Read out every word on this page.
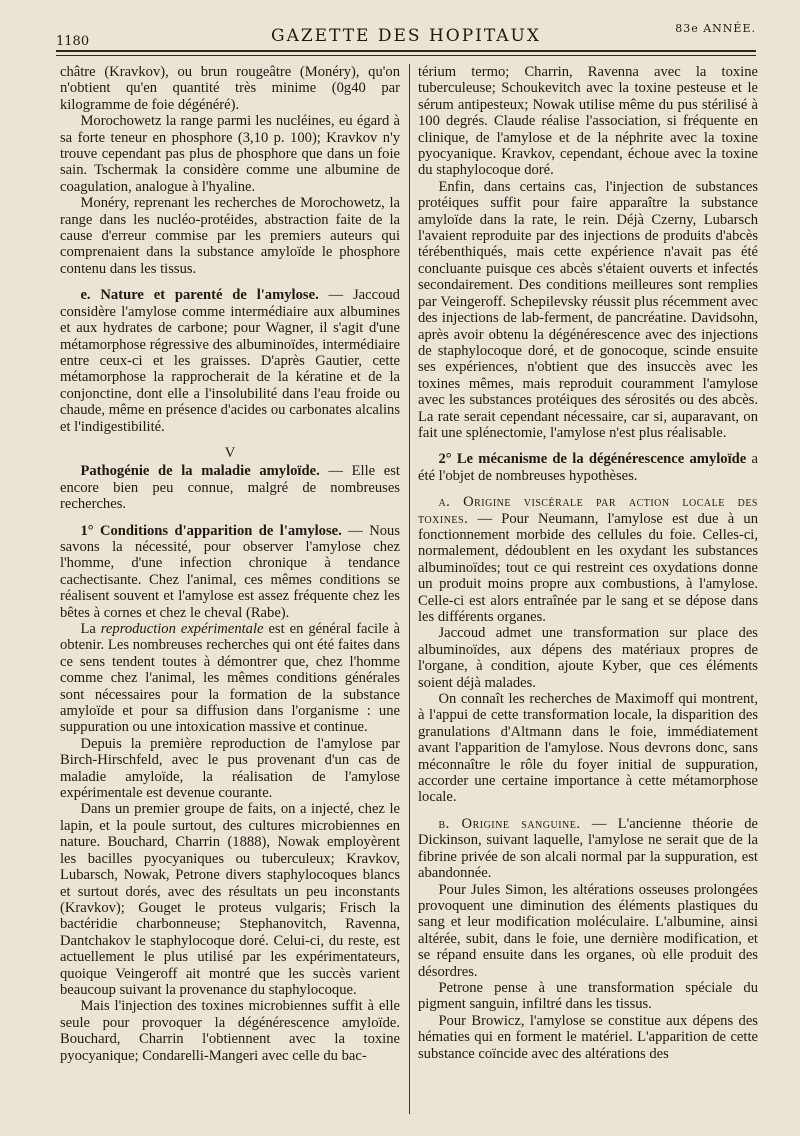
1180	GAZETTE DES HOPITAUX	83e ANNÉE.

châtre (Kravkov), ou brun rougeâtre (Monéry), qu'on n'obtient qu'en quantité très minime (0g40 par kilogramme de foie dégénéré).

Morochowetz la range parmi les nucléines, eu égard à sa forte teneur en phosphore (3,10 p. 100); Kravkov n'y trouve cependant pas plus de phosphore que dans un foie sain. Tschermak la considère comme une albumine de coagulation, analogue à l'hyaline.

Monéry, reprenant les recherches de Morochowetz, la range dans les nucléo-protéides, abstraction faite de la cause d'erreur commise par les premiers auteurs qui comprenaient dans la substance amyloïde le phosphore contenu dans les tissus.

e. Nature et parenté de l'amylose. — Jaccoud considère l'amylose comme intermédiaire aux albumines et aux hydrates de carbone; pour Wagner, il s'agit d'une métamorphose régressive des albuminoïdes, intermédiaire entre ceux-ci et les graisses. D'après Gautier, cette métamorphose la rapprocherait de la kératine et de la conjonctine, dont elle a l'insolubilité dans l'eau froide ou chaude, même en présence d'acides ou carbonates alcalins et l'indigestibilité.

V

Pathogénie de la maladie amyloïde. — Elle est encore bien peu connue, malgré de nombreuses recherches.

1° Conditions d'apparition de l'amylose. — Nous savons la nécessité, pour observer l'amylose chez l'homme, d'une infection chronique à tendance cachectisante. Chez l'animal, ces mêmes conditions se réalisent souvent et l'amylose est assez fréquente chez les bêtes à cornes et chez le cheval (Rabe).

La reproduction expérimentale est en général facile à obtenir. Les nombreuses recherches qui ont été faites dans ce sens tendent toutes à démontrer que, chez l'homme comme chez l'animal, les mêmes conditions générales sont nécessaires pour la formation de la substance amyloïde et pour sa diffusion dans l'organisme : une suppuration ou une intoxication massive et continue.

Depuis la première reproduction de l'amylose par Birch-Hirschfeld, avec le pus provenant d'un cas de maladie amyloïde, la réalisation de l'amylose expérimentale est devenue courante.

Dans un premier groupe de faits, on a injecté, chez le lapin, et la poule surtout, des cultures microbiennes en nature. Bouchard, Charrin (1888), Nowak employèrent les bacilles pyocyaniques ou tuberculeux; Kravkov, Lubarsch, Nowak, Petrone divers staphylocoques blancs et surtout dorés, avec des résultats un peu inconstants (Kravkov); Gouget le proteus vulgaris; Frisch la bactéridie charbonneuse; Stephanovitch, Ravenna, Dantchakov le staphylocoque doré. Celui-ci, du reste, est actuellement le plus utilisé par les expérimentateurs, quoique Veingeroff ait montré que les succès varient beaucoup suivant la provenance du staphylocoque.

Mais l'injection des toxines microbiennes suffit à elle seule pour provoquer la dégénérescence amyloïde. Bouchard, Charrin l'obtiennent avec la toxine pyocyanique; Condarelli-Mangeri avec celle du bac-

térium termo; Charrin, Ravenna avec la toxine tuberculeuse; Schoukevitch avec la toxine pesteuse et le sérum antipesteux; Nowak utilise même du pus stérilisé à 100 degrés. Claude réalise l'association, si fréquente en clinique, de l'amylose et de la néphrite avec la toxine pyocyanique. Kravkov, cependant, échoue avec la toxine du staphylocoque doré.

Enfin, dans certains cas, l'injection de substances protéiques suffit pour faire apparaître la substance amyloïde dans la rate, le rein. Déjà Czerny, Lubarsch l'avaient reproduite par des injections de produits d'abcès térébenthiqués, mais cette expérience n'avait pas été concluante puisque ces abcès s'étaient ouverts et infectés secondairement. Des conditions meilleures sont remplies par Veingeroff. Schepilevsky réussit plus récemment avec des injections de lab-ferment, de pancréatine. Davidsohn, après avoir obtenu la dégénérescence avec des injections de staphylocoque doré, et de gonocoque, scinde ensuite ses expériences, n'obtient que des insuccès avec les toxines mêmes, mais reproduit couramment l'amylose avec les substances protéiques des sérosités ou des abcès. La rate serait cependant nécessaire, car si, auparavant, on fait une splénectomie, l'amylose n'est plus réalisable.

2° Le mécanisme de la dégénérescence amyloïde a été l'objet de nombreuses hypothèses.

a. Origine viscérale par action locale des toxines. — Pour Neumann, l'amylose est due à un fonctionnement morbide des cellules du foie. Celles-ci, normalement, dédoublent en les oxydant les substances albuminoïdes; tout ce qui restreint ces oxydations donne un produit moins propre aux combustions, à l'amylose. Celle-ci est alors entraînée par le sang et se dépose dans les différents organes.

Jaccoud admet une transformation sur place des albuminoïdes, aux dépens des matériaux propres de l'organe, à condition, ajoute Kyber, que ces éléments soient déjà malades.

On connaît les recherches de Maximoff qui montrent, à l'appui de cette transformation locale, la disparition des granulations d'Altmann dans le foie, immédiatement avant l'apparition de l'amylose. Nous devrons donc, sans méconnaître le rôle du foyer initial de suppuration, accorder une certaine importance à cette métamorphose locale.

b. Origine sanguine. — L'ancienne théorie de Dickinson, suivant laquelle, l'amylose ne serait que de la fibrine privée de son alcali normal par la suppuration, est abandonnée.

Pour Jules Simon, les altérations osseuses prolongées provoquent une diminution des éléments plastiques du sang et leur modification moléculaire. L'albumine, ainsi altérée, subit, dans le foie, une dernière modification, et se répand ensuite dans les organes, où elle produit des désordres.

Petrone pense à une transformation spéciale du pigment sanguin, infiltré dans les tissus.

Pour Browicz, l'amylose se constitue aux dépens des hématies qui en forment le matériel. L'apparition de cette substance coïncide avec des altérations des
